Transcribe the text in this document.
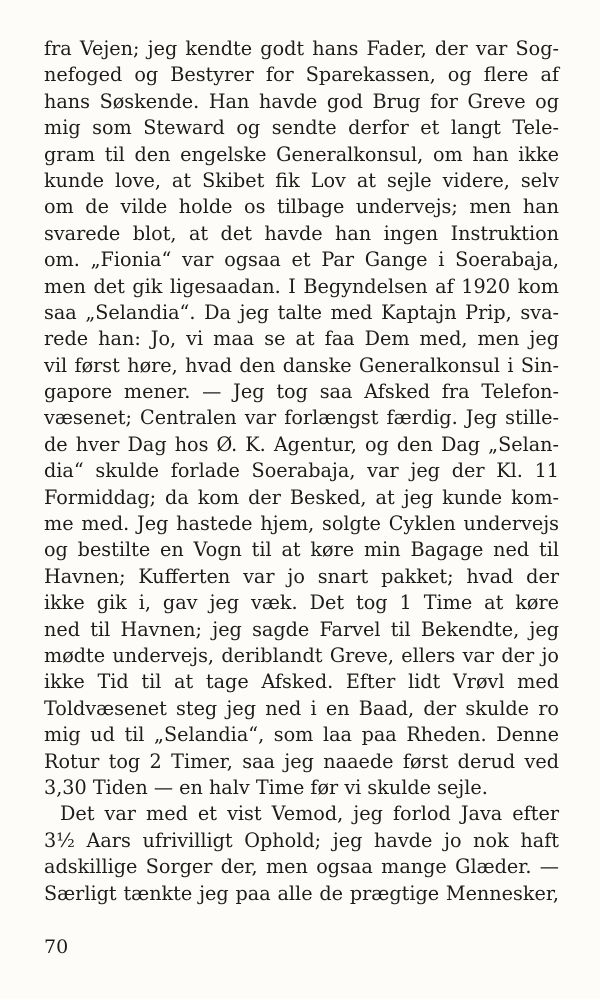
fra Vejen; jeg kendte godt hans Fader, der var Sog-
nefoged og Bestyrer for Sparekassen, og flere af
hans Søskende. Han havde god Brug for Greve og
mig som Steward og sendte derfor et langt Tele-
gram til den engelske Generalkonsul, om han ikke
kunde love, at Skibet fik Lov at sejle videre, selv
om de vilde holde os tilbage undervejs; men han
svarede blot, at det havde han ingen Instruktion
om. „Fionia“ var ogsaa et Par Gange i Soerabaja,
men det gik ligesaadan. I Begyndelsen af 1920 kom
saa „Selandia“. Da jeg talte med Kaptajn Prip, sva-
rede han: Jo, vi maa se at faa Dem med, men jeg
vil først høre, hvad den danske Generalkonsul i Sin-
gapore mener. — Jeg tog saa Afsked fra Telefon-
væsenet; Centralen var forlængst færdig. Jeg stille-
de hver Dag hos Ø. K. Agentur, og den Dag „Selan-
dia“ skulde forlade Soerabaja, var jeg der Kl. 11
Formiddag; da kom der Besked, at jeg kunde kom-
me med. Jeg hastede hjem, solgte Cyklen undervejs
og bestilte en Vogn til at køre min Bagage ned til
Havnen; Kufferten var jo snart pakket; hvad der
ikke gik i, gav jeg væk. Det tog 1 Time at køre
ned til Havnen; jeg sagde Farvel til Bekendte, jeg
mødte undervejs, deriblandt Greve, ellers var der jo
ikke Tid til at tage Afsked. Efter lidt Vrøvl med
Toldvæsenet steg jeg ned i en Baad, der skulde ro
mig ud til „Selandia“, som laa paa Rheden. Denne
Rotur tog 2 Timer, saa jeg naaede først derud ved
3,30 Tiden — en halv Time før vi skulde sejle.
Det var med et vist Vemod, jeg forlod Java efter
3½ Aars ufrivilligt Ophold; jeg havde jo nok haft
adskillige Sorger der, men ogsaa mange Glæder. —
Særligt tænkte jeg paa alle de prægtige Mennesker,
70
